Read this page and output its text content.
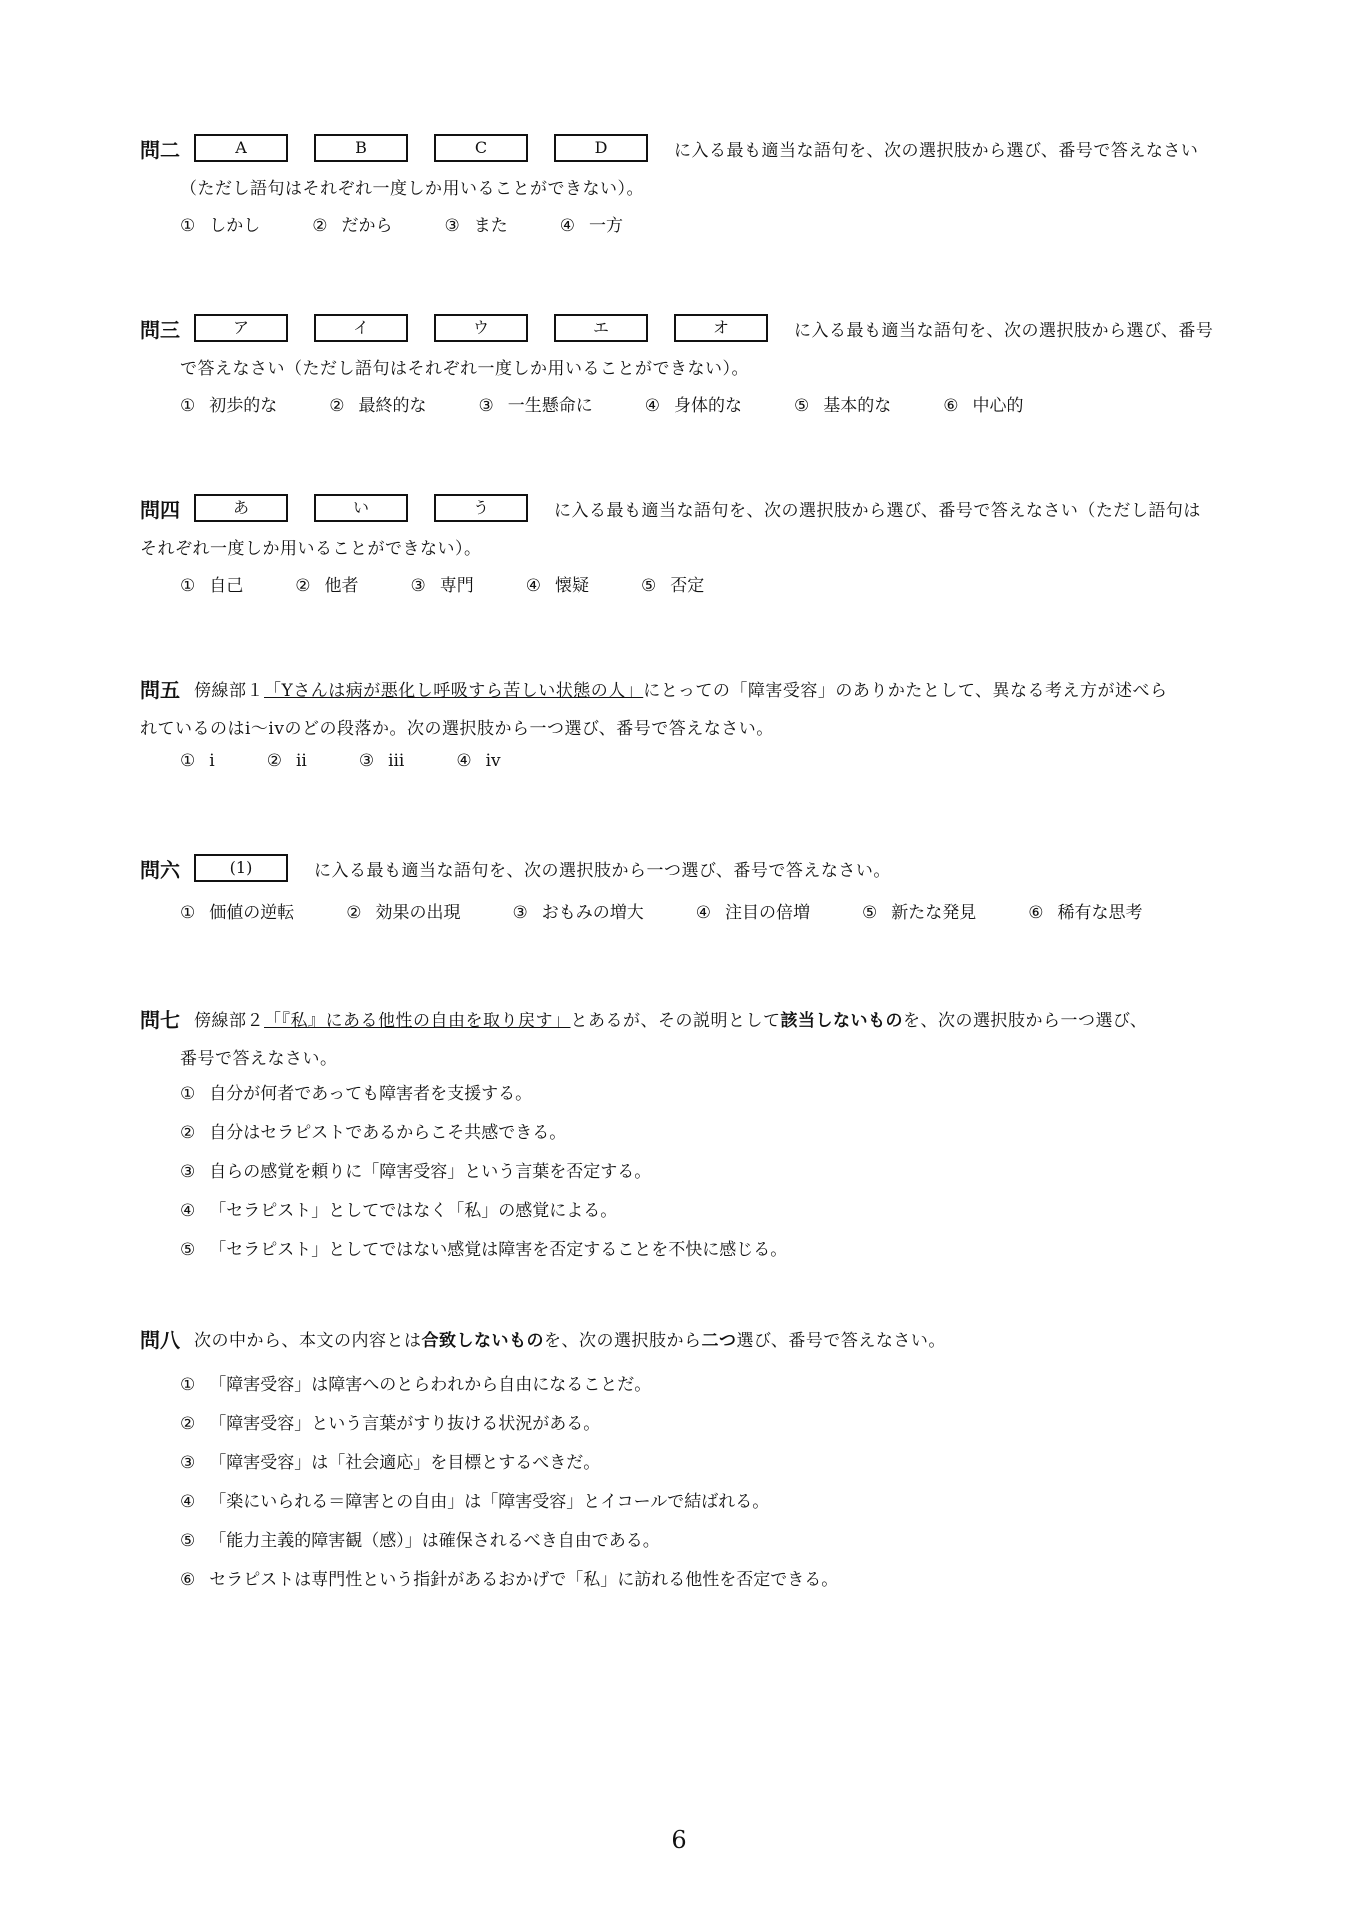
問二	A	B	C	D	に入る最も適当な語句を、次の選択肢から選び、番号で答えなさい
（ただし語句はそれぞれ一度しか用いることができない）。
① しかし	② だから	③ また	④ 一方
問三	ア	イ	ウ	エ	オ	に入る最も適当な語句を、次の選択肢から選び、番号
で答えなさい（ただし語句はそれぞれ一度しか用いることができない）。
① 初歩的な	② 最終的な	③ 一生懸命に	④ 身体的な	⑤ 基本的な	⑥ 中心的
問四	あ	い	う	に入る最も適当な語句を、次の選択肢から選び、番号で答えなさい（ただし語句は
それぞれ一度しか用いることができない）。
① 自己	② 他者	③ 専門	④ 懐疑	⑤ 否定
問五 傍線部１「Yさんは病が悪化し呼吸すら苦しい状態の人」にとっての「障害受容」のありかたとして、異なる考え方が述べら
れているのはi～ivのどの段落か。次の選択肢から一つ選び、番号で答えなさい。
① i	② ii	③ iii	④ iv
問六	(1)	に入る最も適当な語句を、次の選択肢から一つ選び、番号で答えなさい。
① 価値の逆転	② 効果の出現	③ おもみの増大	④ 注目の倍増	⑤ 新たな発見	⑥ 稀有な思考
問七 傍線部２「『私』にある他性の自由を取り戻す」とあるが、その説明として該当しないものを、次の選択肢から一つ選び、
番号で答えなさい。
① 自分が何者であっても障害者を支援する。
② 自分はセラピストであるからこそ共感できる。
③ 自らの感覚を頼りに「障害受容」という言葉を否定する。
④ 「セラピスト」としてではなく「私」の感覚による。
⑤ 「セラピスト」としてではない感覚は障害を否定することを不快に感じる。
問八 次の中から、本文の内容とは合致しないものを、次の選択肢から二つ選び、番号で答えなさい。
① 「障害受容」は障害へのとらわれから自由になることだ。
② 「障害受容」という言葉がすり抜ける状況がある。
③ 「障害受容」は「社会適応」を目標とするべきだ。
④ 「楽にいられる＝障害との自由」は「障害受容」とイコールで結ばれる。
⑤ 「能力主義的障害観（感）」は確保されるべき自由である。
⑥ セラピストは専門性という指針があるおかげで「私」に訪れる他性を否定できる。
6
